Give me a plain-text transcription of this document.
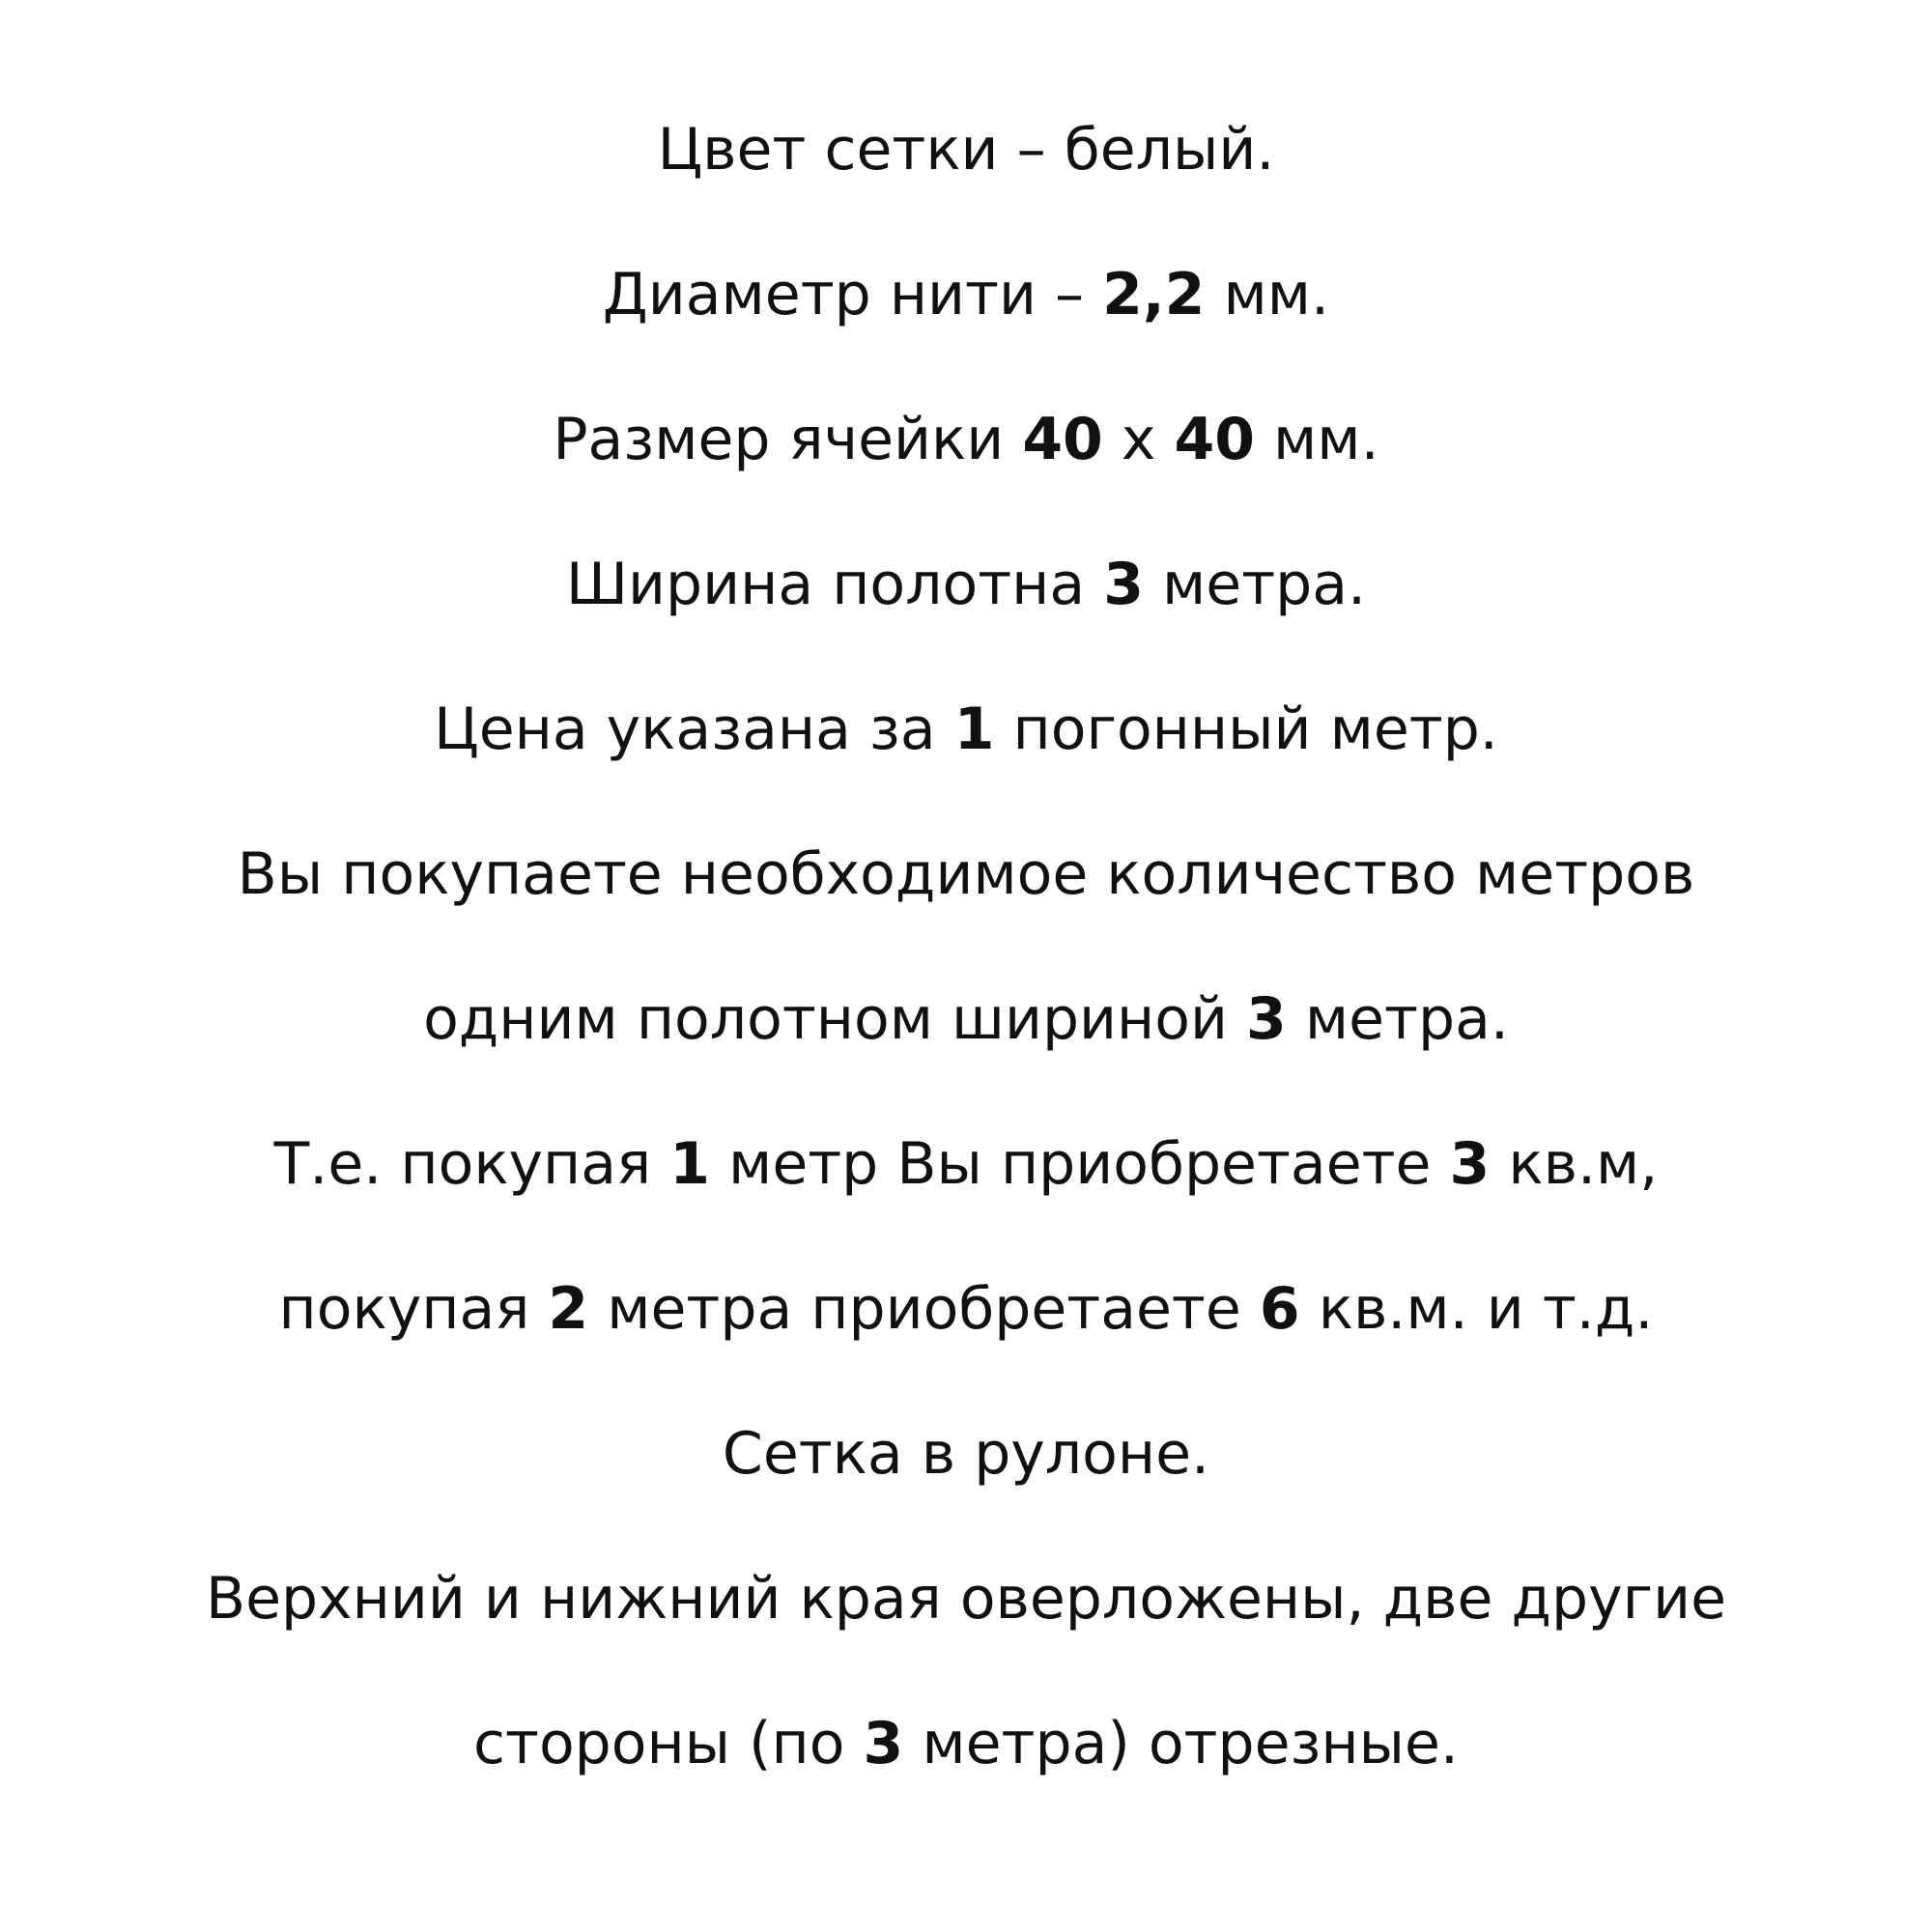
Цвет сетки – белый.
Диаметр нити – 2,2 мм.
Размер ячейки 40 х 40 мм.
Ширина полотна 3 метра.
Цена указана за 1 погонный метр.
Вы покупаете необходимое количество метров
одним полотном шириной 3 метра.
Т.е. покупая 1 метр Вы приобретаете 3 кв.м,
покупая 2 метра приобретаете 6 кв.м. и т.д.
Сетка в рулоне.
Верхний и нижний края оверложены, две другие
стороны (по 3 метра) отрезные.
